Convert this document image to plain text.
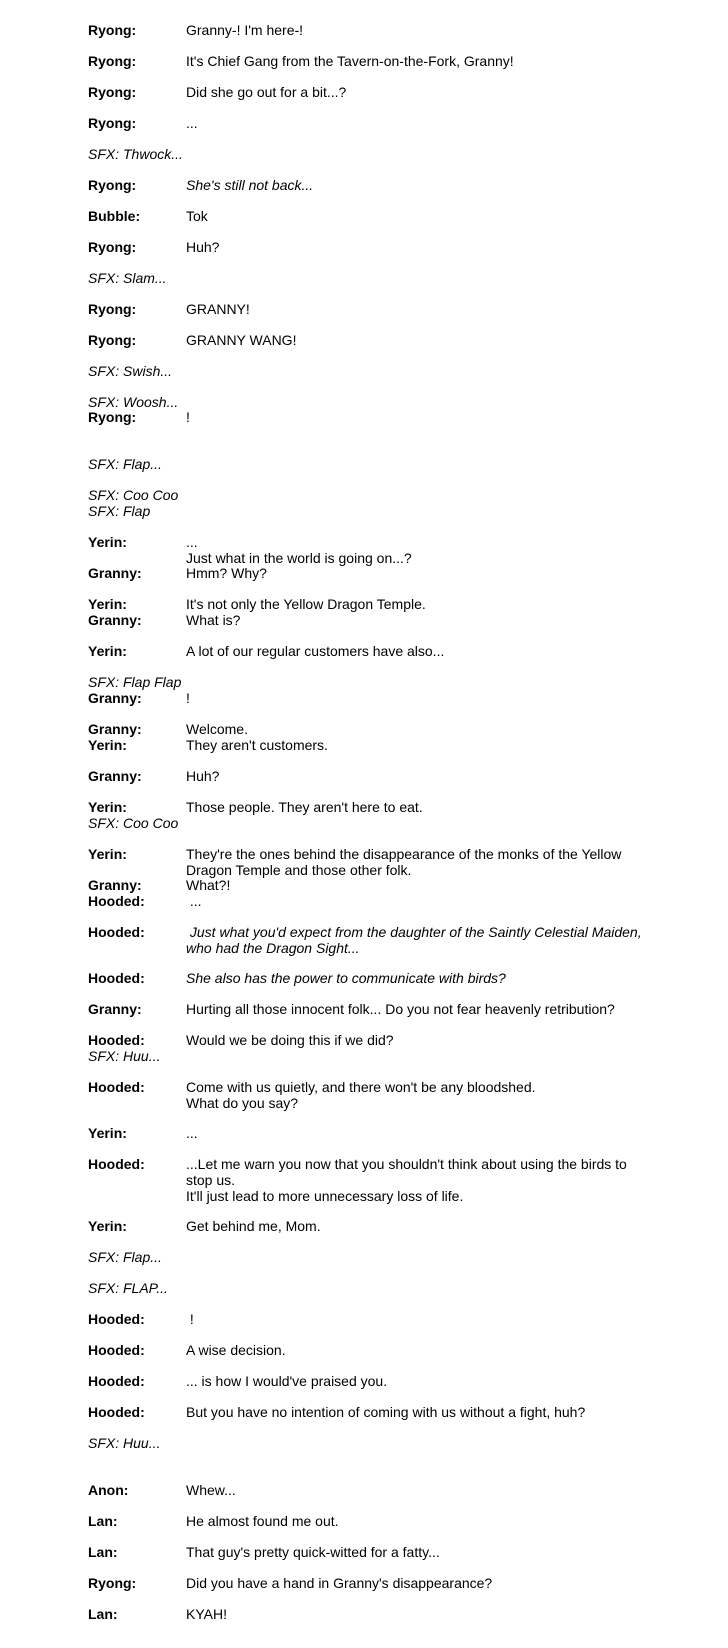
Ryong:	Granny-! I'm here-!
Ryong:	It's Chief Gang from the Tavern-on-the-Fork, Granny!
Ryong:	Did she go out for a bit...?
Ryong:	...
SFX: Thwock...
Ryong:	She's still not back...
Bubble:	Tok
Ryong:	Huh?
SFX: Slam...
Ryong:	GRANNY!
Ryong:	GRANNY WANG!
SFX: Swish...
SFX: Woosh...
Ryong:	!
SFX: Flap...
SFX: Coo Coo
SFX: Flap
Yerin:	...
Just what in the world is going on...?
Granny:	Hmm? Why?
Yerin:	It's not only the Yellow Dragon Temple.
Granny:	What is?
Yerin:	A lot of our regular customers have also...
SFX: Flap Flap
Granny:	!
Granny:	Welcome.
Yerin:	They aren't customers.
Granny:	Huh?
Yerin:	Those people. They aren't here to eat.
SFX: Coo Coo
Yerin:	They're the ones behind the disappearance of the monks of the Yellow Dragon Temple and those other folk.
Granny:	What?!
Hooded:	...
Hooded:	Just what you'd expect from the daughter of the Saintly Celestial Maiden, who had the Dragon Sight...
Hooded:	She also has the power to communicate with birds?
Granny:	Hurting all those innocent folk... Do you not fear heavenly retribution?
Hooded:	Would we be doing this if we did?
SFX: Huu...
Hooded:	Come with us quietly, and there won't be any bloodshed.
What do you say?
Yerin:	...
Hooded:	...Let me warn you now that you shouldn't think about using the birds to stop us.
It'll just lead to more unnecessary loss of life.
Yerin:	Get behind me, Mom.
SFX: Flap...
SFX: FLAP...
Hooded:	!
Hooded:	A wise decision.
Hooded:	... is how I would've praised you.
Hooded:	But you have no intention of coming with us without a fight, huh?
SFX: Huu...
Anon:	Whew...
Lan:	He almost found me out.
Lan:	That guy's pretty quick-witted for a fatty...
Ryong:	Did you have a hand in Granny's disappearance?
Lan:	KYAH!
